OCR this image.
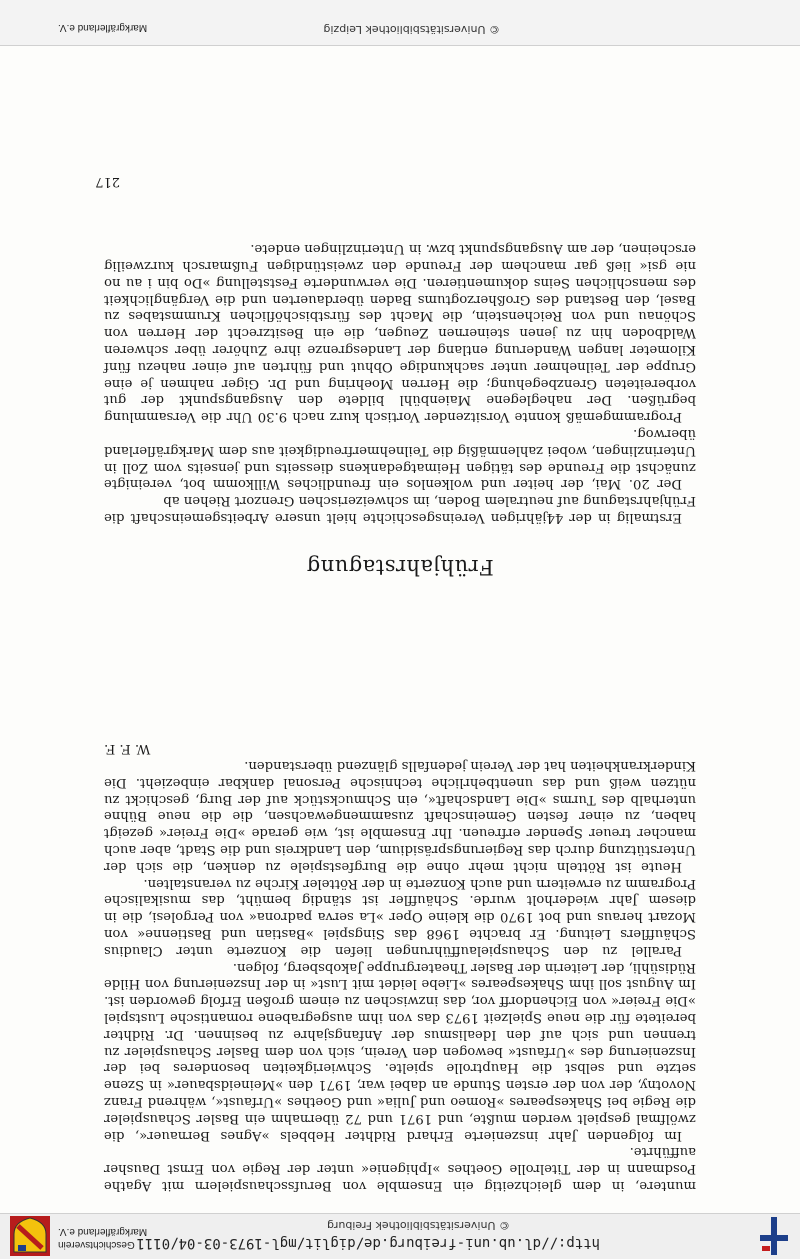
http://dl.ub.uni-freiburg.de/diglit/mgl-1973-03-04/0111
© Universitätsbibliothek Freiburg
Geschichtsverein
Markgräflerland e.V.

muntere, in dem gleichzeitig ein Ensemble von Berufsschauspielern mit Agathe Posdmann in der Titelrolle Goethes »Iphigenie« unter der Regie von Ernst Dausher aufführte.

Im folgenden Jahr inszenierte Erhard Ridhter Hebbels »Agnes Bernauer«, die zwölfmal gespielt werden mußte, und 1971 und 72 übernahm ein Basler Schauspieler die Regie bei Shakespeares »Romeo und Julia« und Goethes »Urfaust«, während Franz Novotny, der von der ersten Stunde an dabei war, 1971 den »Meineidsbauer« in Szene setzte und selbst die Hauptrolle spielte. Schwierigkeiten besonderes bei der Inszenierung des »Urfaust« bewogen den Verein, sich von dem Basler Schauspieler zu trennen und sich auf den Idealismus der Anfangsjahre zu besinnen. Dr. Ridhter bereitete für die neue Spielzeit 1973 das von ihm ausgegrabene romantische Lustspiel »Die Freier« von Eichendorff vor, das inzwischen zu einem großen Erfolg geworden ist. Im August soll ihm Shakespeares »Liebe leidet mit Lust« in der Inszenierung von Hilde Rüdisühli, der Leiterin der Basler Theatergruppe Jakobsberg, folgen.

Parallel zu den Schauspielaufführungen liefen die Konzerte unter Claudius Schäufflers Leitung. Er brachte 1968 das Singspiel »Bastian und Bastienne« von Mozart heraus und bot 1970 die kleine Oper »La serva padrona« von Pergolesi, die in diesem Jahr wiederholt wurde. Schäuffler ist ständig bemüht, das musikalische Programm zu erweitern und auch Konzerte in der Rötteler Kirche zu veranstalten.

Heute ist Rötteln nicht mehr ohne die Burgfestspiele zu denken, die sich der Unterstützung durch das Regierungspräsidium, den Landkreis und die Stadt, aber auch mancher treuer Spender erfreuen. Ihr Ensemble ist, wie gerade »Die Freier« gezeigt haben, zu einer festen Gemeinschaft zusammengewachsen, die die neue Bühne unterhalb des Turms »Die Landschaft«, ein Schmuckstück auf der Burg, geschickt zu nützen weiß und das unentbehrliche technische Personal dankbar einbezieht. Die Kinderkrankheiten hat der Verein jedenfalls glänzend überstanden.

W. F. F.

Frühjahrstagung

Erstmalig in der 44jährigen Vereinsgeschichte hielt unsere Arbeitsgemeinschaft die Frühjahrstagung auf neutralem Boden, im schweizerischen Grenzort Riehen ab

Der 20. Mai, der heiter und wolkenlos ein freundliches Willkomm bot, vereinigte zunächst die Freunde des tätigen Heimatgedankens diesseits und jenseits vom Zoll in Unterinzlingen, wobei zahlenmäßig die Teilnehmerfreudigkeit aus dem Markgräflerland überwog.

Programmgemäß konnte Vorsitzender Vortisch kurz nach 9.30 Uhr die Versammlung begrüßen. Der naheglegene Maienbühl bildete den Ausgangspunkt der gut vorbereiteten Grenzbegehung; die Herren Moehring und Dr. Giger nahmen je eine Gruppe der Teilnehmer unter sachkundige Obhut und führten auf einer nahezu fünf Kilometer langen Wanderung entlang der Landesgrenze ihre Zuhörer über schweren Waldboden hin zu jenen steinernen Zeugen, die ein Besitzrecht der Herren von Schönau und von Reichenstein, die Macht des fürstbischöflichen Krummstabes zu Basel, den Bestand des Großherzogtums Baden überdauerten und die Vergänglichkeit des menschlichen Seins dokumentieren. Die verwunderte Feststellung »Do bin i au no nie gsi« ließ gar manchem der Freunde den zweistündigen Fußmarsch kurzweilig erscheinen, der am Ausgangspunkt bzw. in Unterinzlingen endete.

217
© Universitätsbibliothek Leipzig
Markgräflerland e.V.
